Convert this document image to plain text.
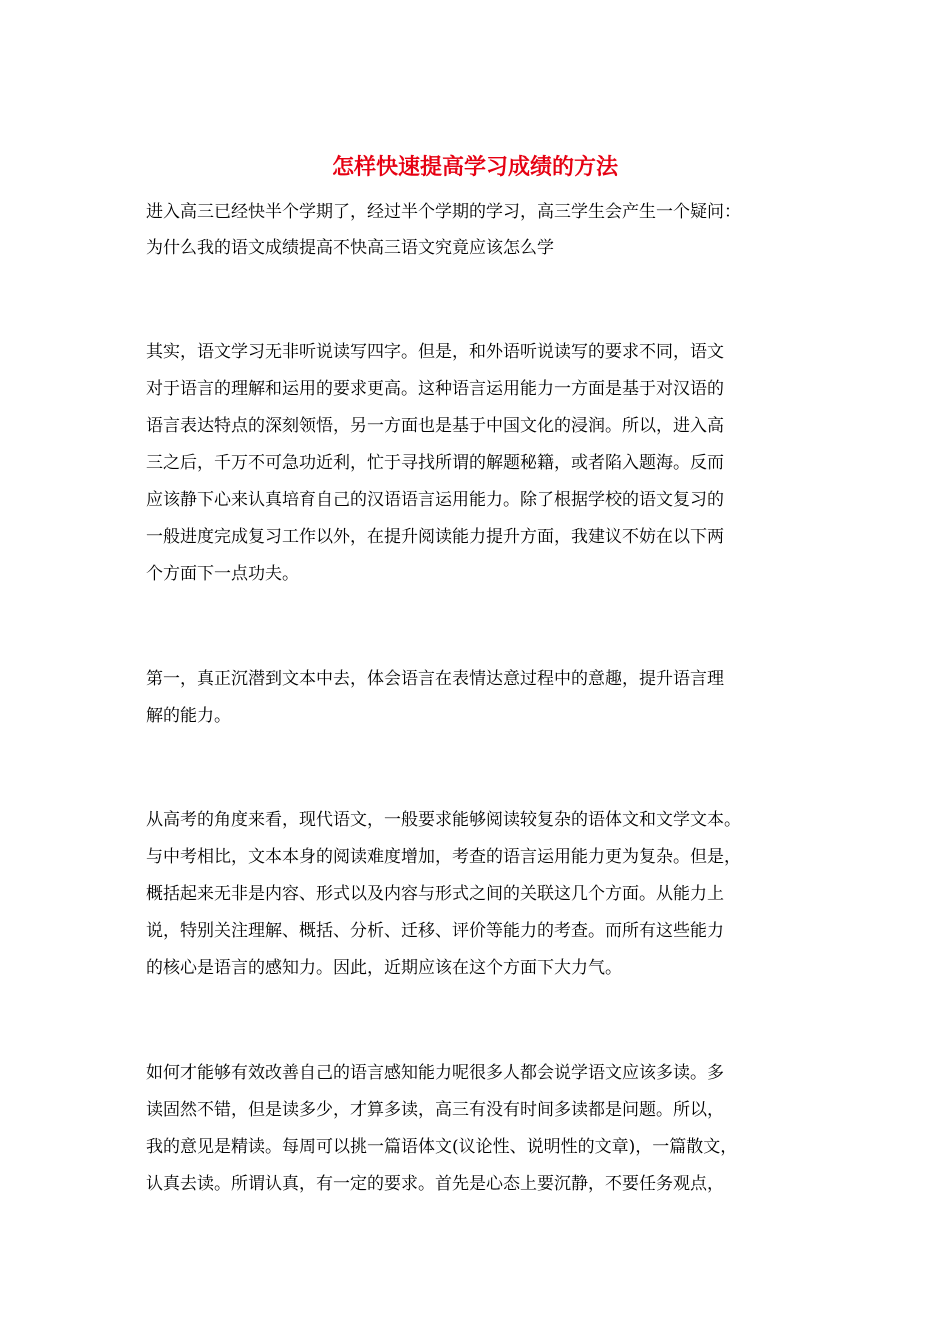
怎样快速提高学习成绩的方法
进入高三已经快半个学期了，经过半个学期的学习，高三学生会产生一个疑问：
为什么我的语文成绩提高不快高三语文究竟应该怎么学
其实，语文学习无非听说读写四字。但是，和外语听说读写的要求不同，语文
对于语言的理解和运用的要求更高。这种语言运用能力一方面是基于对汉语的
语言表达特点的深刻领悟，另一方面也是基于中国文化的浸润。所以，进入高
三之后，千万不可急功近利，忙于寻找所谓的解题秘籍，或者陷入题海。反而
应该静下心来认真培育自己的汉语语言运用能力。除了根据学校的语文复习的
一般进度完成复习工作以外，在提升阅读能力提升方面，我建议不妨在以下两
个方面下一点功夫。
第一，真正沉潜到文本中去，体会语言在表情达意过程中的意趣，提升语言理
解的能力。
从高考的角度来看，现代语文，一般要求能够阅读较复杂的语体文和文学文本。
与中考相比，文本本身的阅读难度增加，考查的语言运用能力更为复杂。但是，
概括起来无非是内容、形式以及内容与形式之间的关联这几个方面。从能力上
说，特别关注理解、概括、分析、迁移、评价等能力的考查。而所有这些能力
的核心是语言的感知力。因此，近期应该在这个方面下大力气。
如何才能够有效改善自己的语言感知能力呢很多人都会说学语文应该多读。多
读固然不错，但是读多少，才算多读，高三有没有时间多读都是问题。所以，
我的意见是精读。每周可以挑一篇语体文(议论性、说明性的文章)，一篇散文，
认真去读。所谓认真，有一定的要求。首先是心态上要沉静，不要任务观点，
